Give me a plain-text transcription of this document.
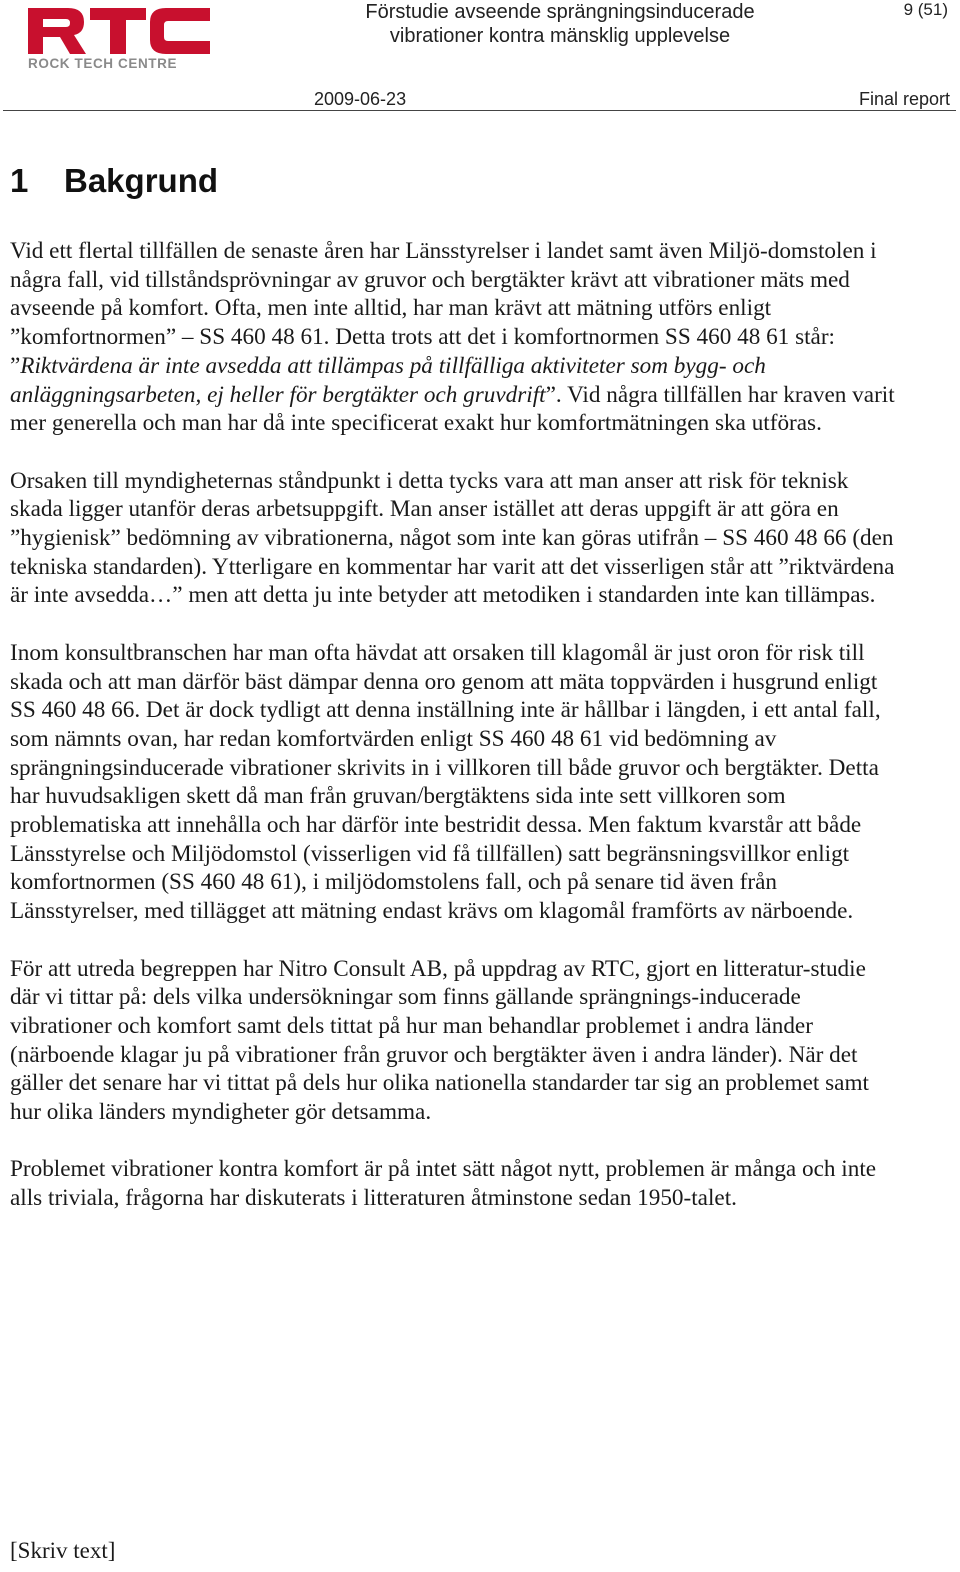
ROCK TECH CENTRE
Förstudie avseende sprängningsinducerade
vibrationer kontra mänsklig upplevelse
9 (51)
2009-06-23	Final report
1 Bakgrund

Vid ett flertal tillfällen de senaste åren har Länsstyrelser i landet samt även Miljö-domstolen i några fall, vid tillståndsprövningar av gruvor och bergtäkter krävt att vibrationer mäts med avseende på komfort. Ofta, men inte alltid, har man krävt att mätning utförs enligt ”komfortnormen” – SS 460 48 61. Detta trots att det i komfortnormen SS 460 48 61 står: ”Riktvärdena är inte avsedda att tillämpas på tillfälliga aktiviteter som bygg- och anläggningsarbeten, ej heller för bergtäkter och gruvdrift”. Vid några tillfällen har kraven varit mer generella och man har då inte specificerat exakt hur komfortmätningen ska utföras.

Orsaken till myndigheternas ståndpunkt i detta tycks vara att man anser att risk för teknisk skada ligger utanför deras arbetsuppgift. Man anser istället att deras uppgift är att göra en ”hygienisk” bedömning av vibrationerna, något som inte kan göras utifrån – SS 460 48 66 (den tekniska standarden). Ytterligare en kommentar har varit att det visserligen står att ”riktvärdena är inte avsedda…” men att detta ju inte betyder att metodiken i standarden inte kan tillämpas.

Inom konsultbranschen har man ofta hävdat att orsaken till klagomål är just oron för risk till skada och att man därför bäst dämpar denna oro genom att mäta toppvärden i husgrund enligt SS 460 48 66. Det är dock tydligt att denna inställning inte är hållbar i längden, i ett antal fall, som nämnts ovan, har redan komfortvärden enligt SS 460 48 61 vid bedömning av sprängningsinducerade vibrationer skrivits in i villkoren till både gruvor och bergtäkter. Detta har huvudsakligen skett då man från gruvan/bergtäktens sida inte sett villkoren som problematiska att innehålla och har därför inte bestridit dessa. Men faktum kvarstår att både Länsstyrelse och Miljödomstol (visserligen vid få tillfällen) satt begränsningsvillkor enligt komfortnormen (SS 460 48 61), i miljödomstolens fall, och på senare tid även från Länsstyrelser, med tillägget att mätning endast krävs om klagomål framförts av närboende.

För att utreda begreppen har Nitro Consult AB, på uppdrag av RTC, gjort en litteratur-studie där vi tittar på: dels vilka undersökningar som finns gällande sprängnings-inducerade vibrationer och komfort samt dels tittat på hur man behandlar problemet i andra länder (närboende klagar ju på vibrationer från gruvor och bergtäkter även i andra länder). När det gäller det senare har vi tittat på dels hur olika nationella standarder tar sig an problemet samt hur olika länders myndigheter gör detsamma.

Problemet vibrationer kontra komfort är på intet sätt något nytt, problemen är många och inte alls triviala, frågorna har diskuterats i litteraturen åtminstone sedan 1950-talet.

[Skriv text]
